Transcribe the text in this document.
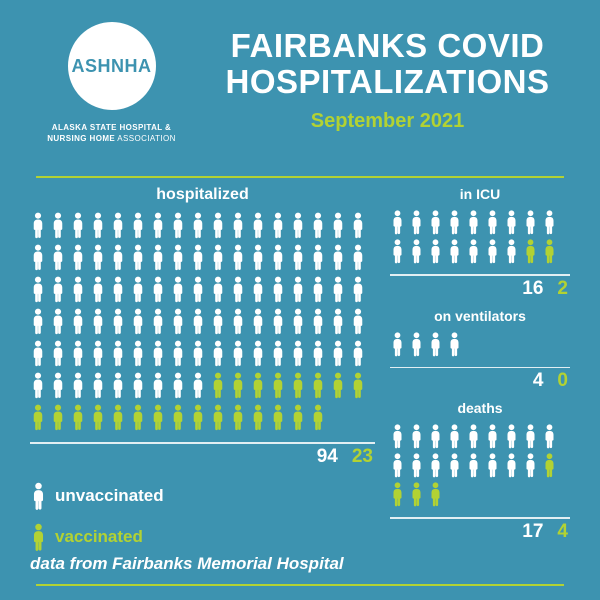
ASHNHA
ALASKA STATE HOSPITAL &
NURSING HOME ASSOCIATION
FAIRBANKS COVID
HOSPITALIZATIONS
September 2021
hospitalized
94 23
unvaccinated
vaccinated
in ICU
16 2
on ventilators
4 0
deaths
17 4
data from Fairbanks Memorial Hospital
